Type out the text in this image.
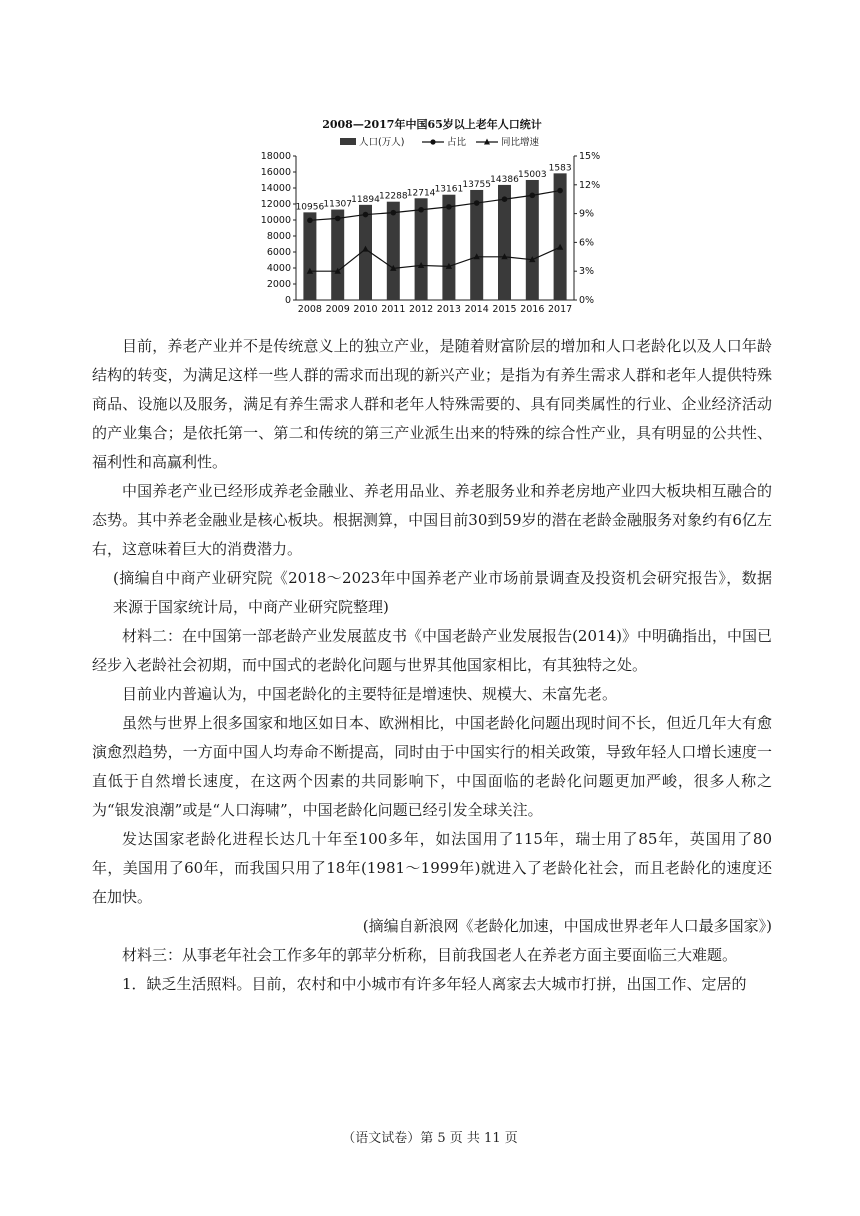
2008—2017年中国65岁以上老年人口统计
人口(万人)	占比	同比增速
0
2000
4000
6000
8000
10000
12000
14000
16000
18000
0%
3%
6%
9%
12%
15%
2008 2009 2010 2011 2012 2013 2014 2015 2016 2017
10956 11307 11894 12288 12714 13161 13755
14386 15003
1583

目前，养老产业并不是传统意义上的独立产业，是随着财富阶层的增加和人口老龄化以及人口年龄结构的转变，为满足这样一些人群的需求而出现的新兴产业；是指为有养生需求人群和老年人提供特殊商品、设施以及服务，满足有养生需求人群和老年人特殊需要的、具有同类属性的行业、企业经济活动的产业集合；是依托第一、第二和传统的第三产业派生出来的特殊的综合性产业，具有明显的公共性、福利性和高赢利性。

中国养老产业已经形成养老金融业、养老用品业、养老服务业和养老房地产业四大板块相互融合的态势。其中养老金融业是核心板块。根据测算，中国目前30到59岁的潜在老龄金融服务对象约有6亿左右，这意味着巨大的消费潜力。

(摘编自中商产业研究院《2018～2023年中国养老产业市场前景调查及投资机会研究报告》，数据来源于国家统计局，中商产业研究院整理)

材料二：在中国第一部老龄产业发展蓝皮书《中国老龄产业发展报告(2014)》中明确指出，中国已经步入老龄社会初期，而中国式的老龄化问题与世界其他国家相比，有其独特之处。

目前业内普遍认为，中国老龄化的主要特征是增速快、规模大、未富先老。

虽然与世界上很多国家和地区如日本、欧洲相比，中国老龄化问题出现时间不长，但近几年大有愈演愈烈趋势，一方面中国人均寿命不断提高，同时由于中国实行的相关政策，导致年轻人口增长速度一直低于自然增长速度，在这两个因素的共同影响下，中国面临的老龄化问题更加严峻，很多人称之为“银发浪潮”或是“人口海啸”，中国老龄化问题已经引发全球关注。

发达国家老龄化进程长达几十年至100多年，如法国用了115年，瑞士用了85年，英国用了80年，美国用了60年，而我国只用了18年(1981～1999年)就进入了老龄化社会，而且老龄化的速度还在加快。

(摘编自新浪网《老龄化加速，中国成世界老年人口最多国家》)

材料三：从事老年社会工作多年的郭苹分析称，目前我国老人在养老方面主要面临三大难题。

1．缺乏生活照料。目前，农村和中小城市有许多年轻人离家去大城市打拼，出国工作、定居的

（语文试卷）第 5 页 共 11 页
